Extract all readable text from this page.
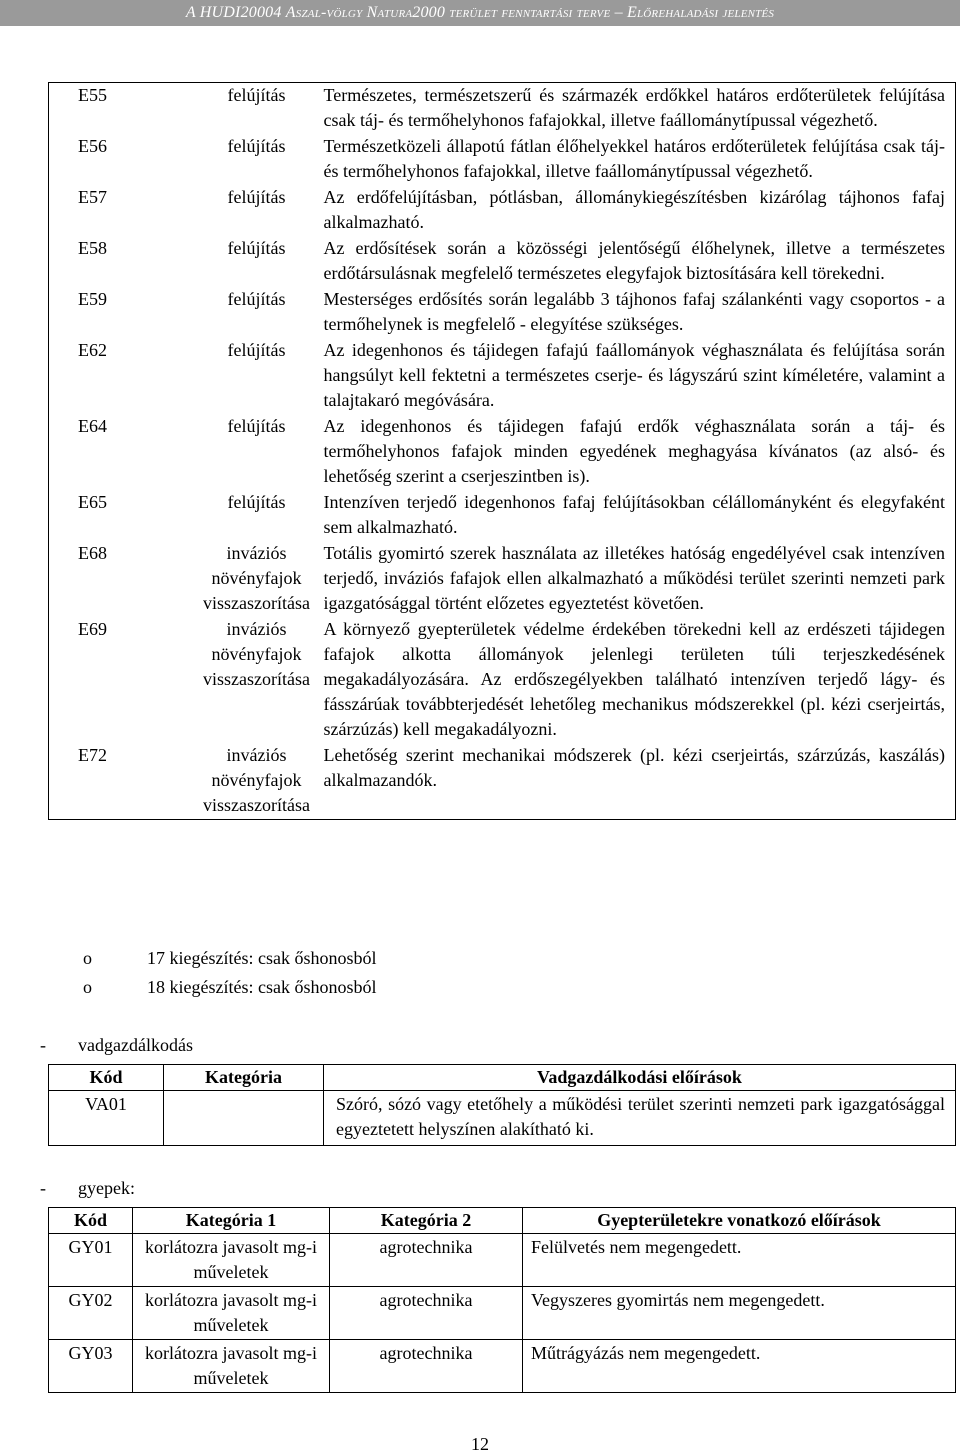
A HUDI20004 Aszal-völgy Natura2000 terület fenntartási terve – Előrehaladási jelentés
E55	felújítás	Természetes, természetszerű és származék erdőkkel határos erdőterületek felújítása csak táj- és termőhelyhonos fafajokkal, illetve faállománytípussal végezhető.
E56	felújítás	Természetközeli állapotú fátlan élőhelyekkel határos erdőterületek felújítása csak táj- és termőhelyhonos fafajokkal, illetve faállománytípussal végezhető.
E57	felújítás	Az erdőfelújításban, pótlásban, állománykiegészítésben kizárólag tájhonos fafaj alkalmazható.
E58	felújítás	Az erdősítések során a közösségi jelentőségű élőhelynek, illetve a természetes erdőtársulásnak megfelelő természetes elegyfajok biztosítására kell törekedni.
E59	felújítás	Mesterséges erdősítés során legalább 3 tájhonos fafaj szálankénti vagy csoportos - a termőhelynek is megfelelő - elegyítése szükséges.
E62	felújítás	Az idegenhonos és tájidegen fafajú faállományok véghasználata és felújítása során hangsúlyt kell fektetni a természetes cserje- és lágyszárú szint kíméletére, valamint a talajtakaró megóvására.
E64	felújítás	Az idegenhonos és tájidegen fafajú erdők véghasználata során a táj- és termőhelyhonos fafajok minden egyedének meghagyása kívánatos (az alsó- és lehetőség szerint a cserjeszintben is).
E65	felújítás	Intenzíven terjedő idegenhonos fafaj felújításokban célállományként és elegyfaként sem alkalmazható.
E68	inváziós növényfajok visszaszorítása	Totális gyomirtó szerek használata az illetékes hatóság engedélyével csak intenzíven terjedő, inváziós fafajok ellen alkalmazható a működési terület szerinti nemzeti park igazgatósággal történt előzetes egyeztetést követően.
E69	inváziós növényfajok visszaszorítása	A környező gyepterületek védelme érdekében törekedni kell az erdészeti tájidegen fafajok alkotta állományok jelenlegi területen túli terjeszkedésének megakadályozására. Az erdőszegélyekben található intenzíven terjedő lágy- és fásszárúak továbbterjedését lehetőleg mechanikus módszerekkel (pl. kézi cserjeirtás, szárzúzás) kell megakadályozni.
E72	inváziós növényfajok visszaszorítása	Lehetőség szerint mechanikai módszerek (pl. kézi cserjeirtás, szárzúzás, kaszálás) alkalmazandók.
o	17 kiegészítés: csak őshonosból
o	18 kiegészítés: csak őshonosból
- vadgazdálkodás
Kód	Kategória	Vadgazdálkodási előírások
VA01		Szóró, sózó vagy etetőhely a működési terület szerinti nemzeti park igazgatósággal egyeztetett helyszínen alakítható ki.
- gyepek:
Kód	Kategória 1	Kategória 2	Gyepterületekre vonatkozó előírások
GY01	korlátozra javasolt mg-i műveletek	agrotechnika	Felülvetés nem megengedett.
GY02	korlátozra javasolt mg-i műveletek	agrotechnika	Vegyszeres gyomirtás nem megengedett.
GY03	korlátozra javasolt mg-i műveletek	agrotechnika	Műtrágyázás nem megengedett.
12
